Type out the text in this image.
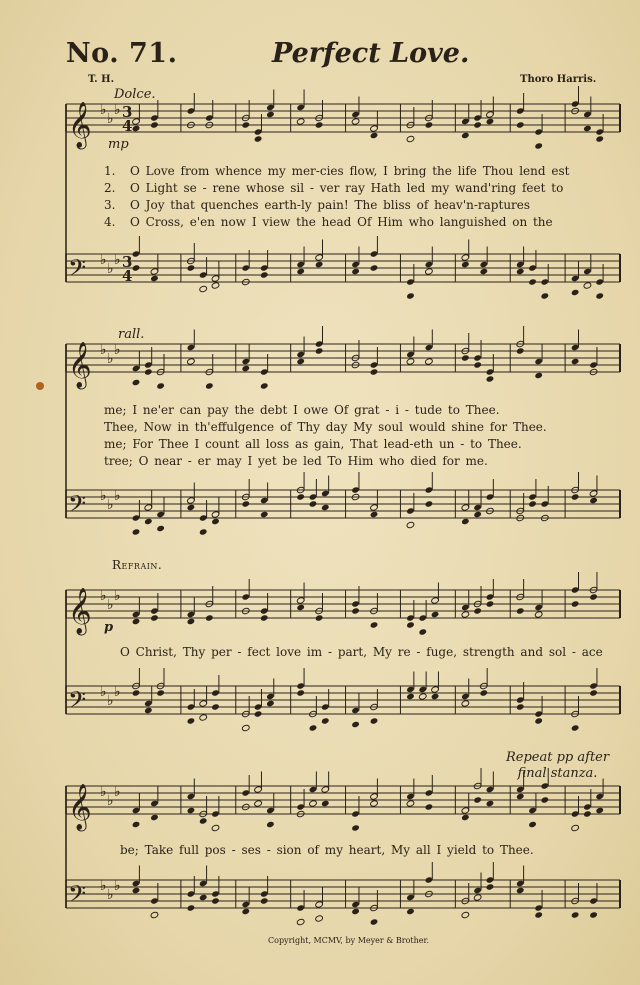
No. 71.	Perfect Love.
T. H.	Thoro Harris.
𝄞 ♭
♭
♭
𝄢 ♭
♭
♭
𝄞 ♭
♭
♭
𝄢 ♭
♭
♭
𝄞 ♭
♭
♭
𝄢 ♭
♭
♭
𝄞 ♭
♭
♭
𝄢 ♭
♭
♭
3
4
3
4
Dolce.
mp
1. O Love from whence my mer-cies flow, I bring the life Thou lend est
2. O Light se - rene whose sil - ver ray Hath led my wand'ring feet to
3. O Joy that quenches earth-ly pain! The bliss of heav'n-raptures
4. O Cross, e'en now I view the head Of Him who languished on the
rall.
me; I ne'er can pay the debt I owe Of grat - i - tude to Thee.
Thee, Now in th'effulgence of Thy day My soul would shine for Thee.
me; For Thee I count all loss as gain, That lead-eth un - to Thee.
tree; O near - er may I yet be led To Him who died for me.
Refrain.
p
O Christ, Thy per - fect love im - part, My re - fuge, strength and sol - ace
Repeat pp after
final stanza.
be; Take full pos - ses - sion of my heart, My all I yield to Thee.
Copyright, MCMV, by Meyer & Brother.
